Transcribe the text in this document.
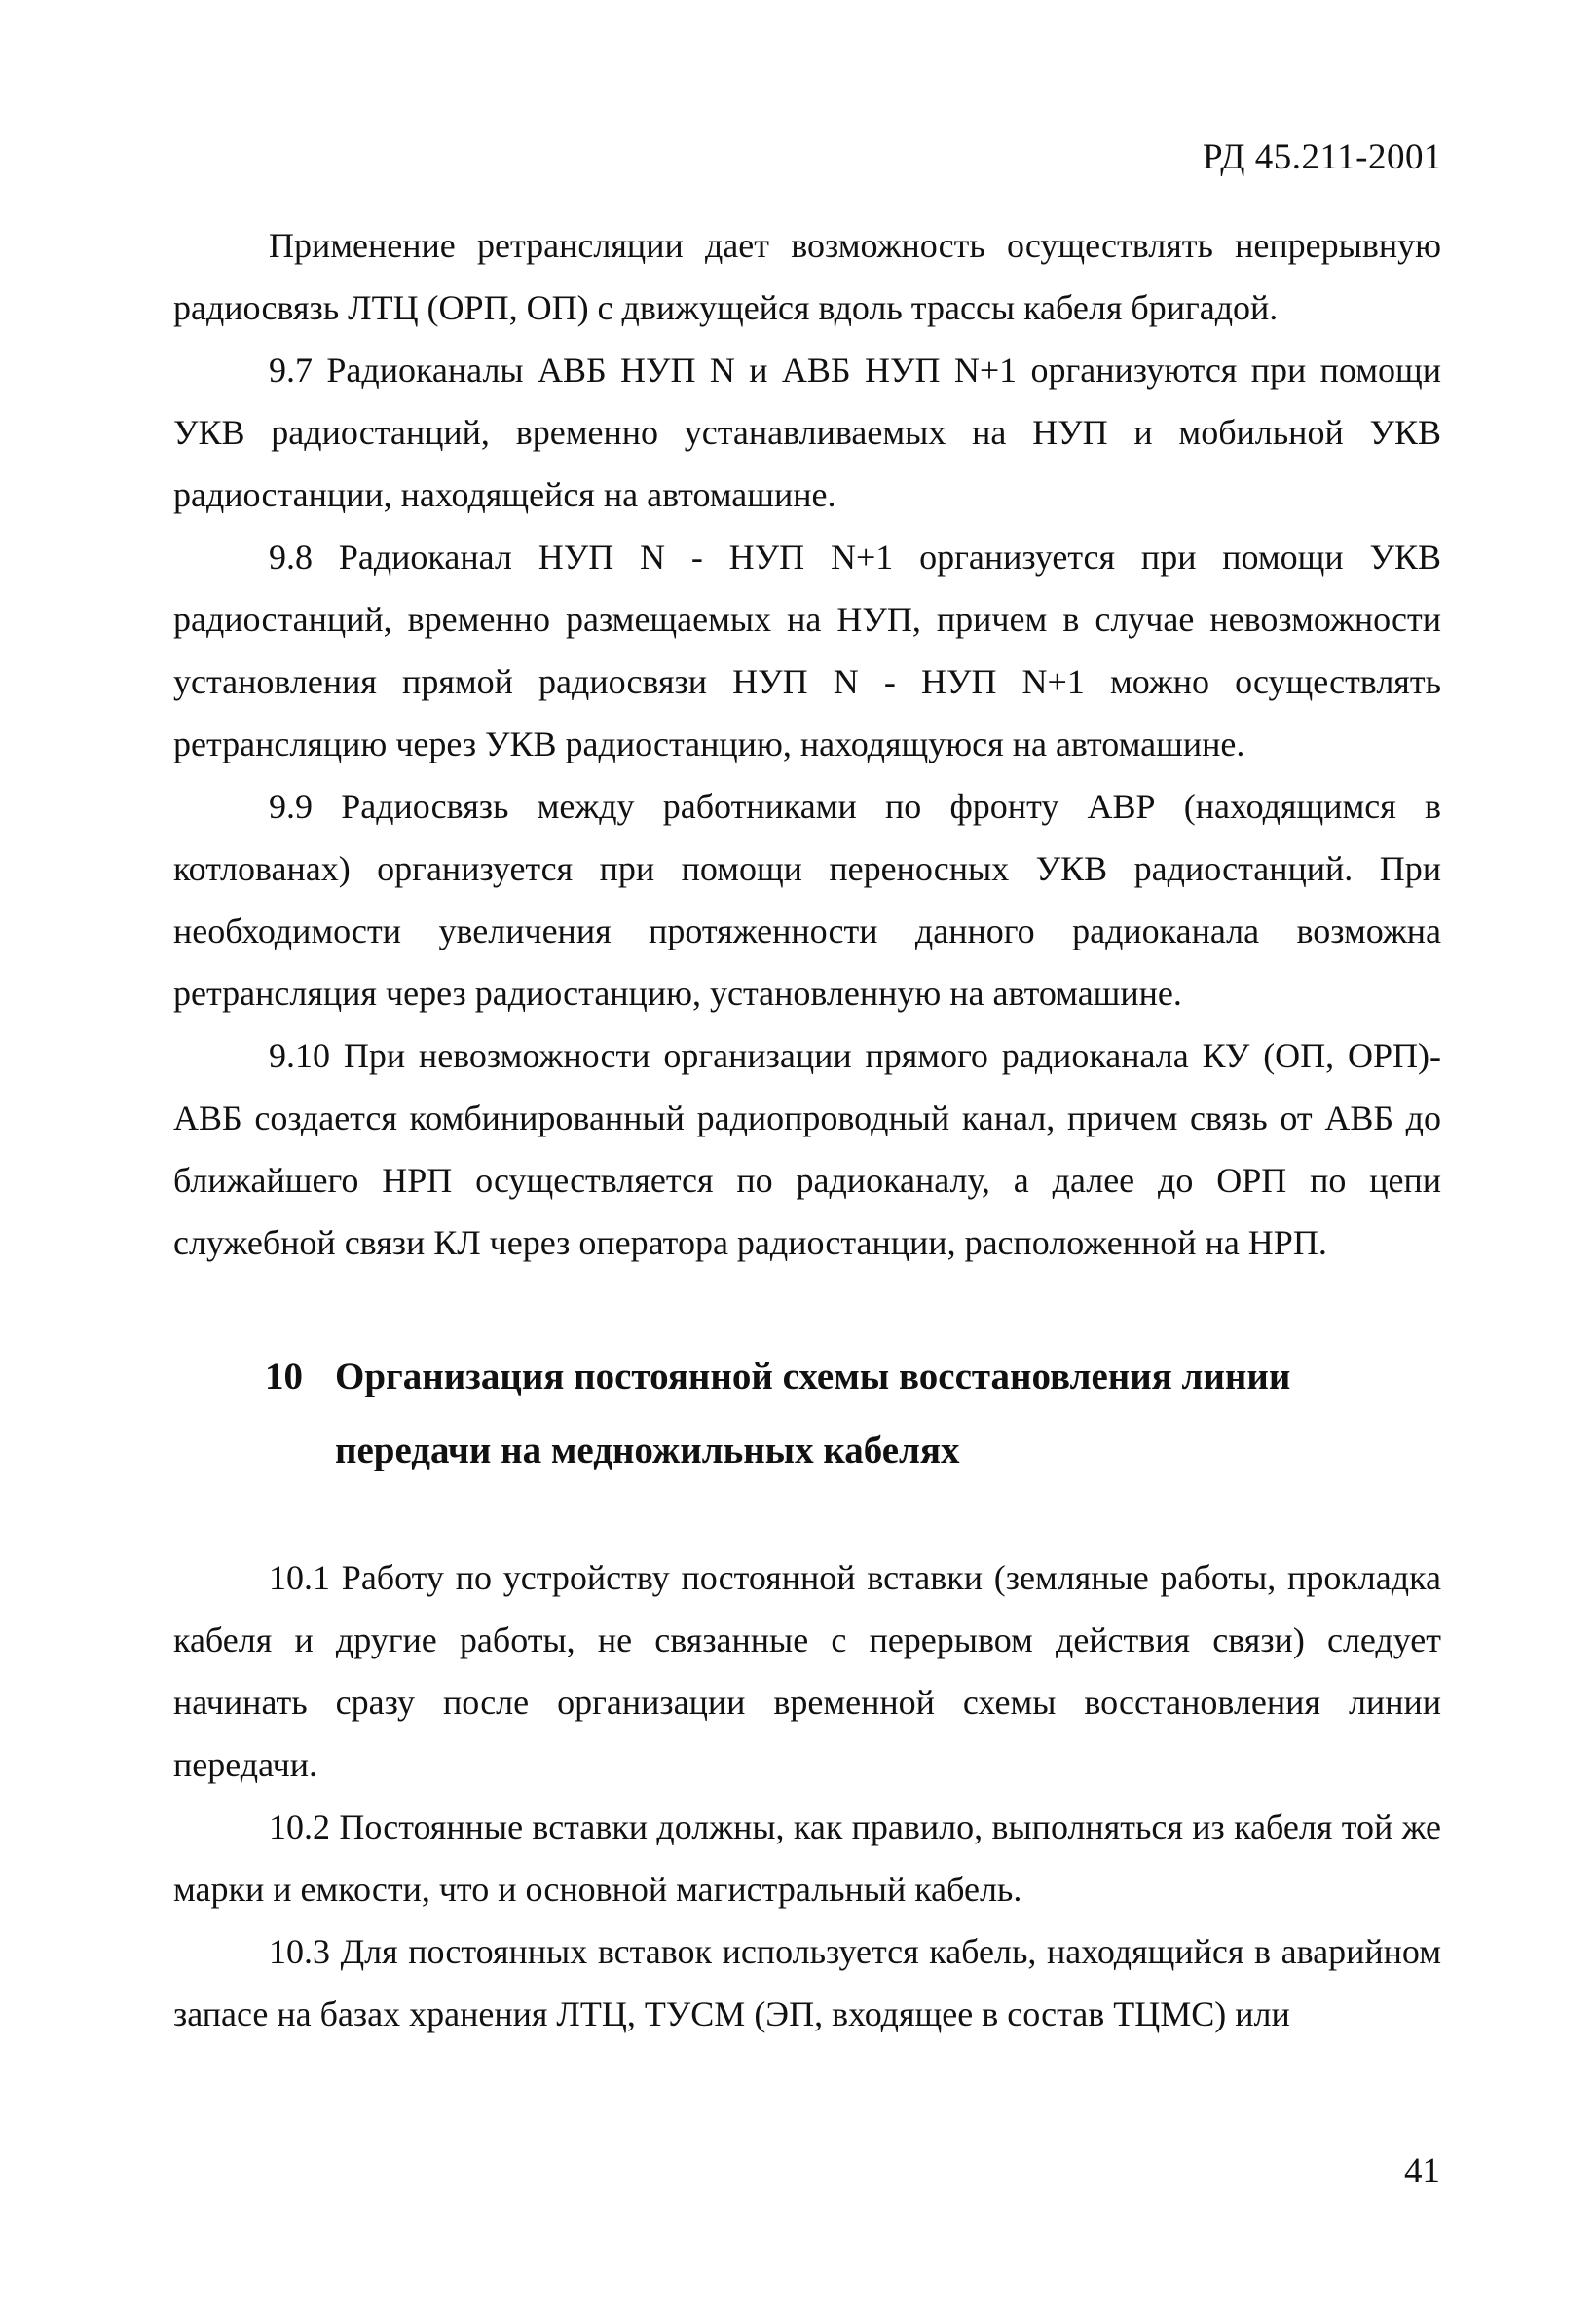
РД 45.211-2001

Применение ретрансляции дает возможность осуществлять непрерывную радиосвязь ЛТЦ (ОРП, ОП) с движущейся вдоль трассы кабеля бригадой.

9.7 Радиоканалы АВБ НУП N и АВБ НУП N+1 организуются при помощи УКВ радиостанций, временно устанавливаемых на НУП и мобильной УКВ радиостанции, находящейся на автомашине.

9.8 Радиоканал НУП N - НУП N+1 организуется при помощи УКВ радиостанций, временно размещаемых на НУП, причем в случае невозможности установления прямой радиосвязи НУП N - НУП N+1 можно осуществлять ретрансляцию через УКВ радиостанцию, находящуюся на автомашине.

9.9 Радиосвязь между работниками по фронту АВР (находящимся в котлованах) организуется при помощи переносных УКВ радиостанций. При необходимости увеличения протяженности данного радиоканала возможна ретрансляция через радиостанцию, установленную на автомашине.

9.10 При невозможности организации прямого радиоканала КУ (ОП, ОРП)-АВБ создается комбинированный радиопроводный канал, причем связь от АВБ до ближайшего НРП осуществляется по радиоканалу, а далее до ОРП по цепи служебной связи КЛ через оператора радиостанции, расположенной на НРП.

10 Организация постоянной схемы восстановления линии
передачи на медножильных кабелях

10.1 Работу по устройству постоянной вставки (земляные работы, прокладка кабеля и другие работы, не связанные с перерывом действия связи) следует начинать сразу после организации временной схемы восстановления линии передачи.

10.2 Постоянные вставки должны, как правило, выполняться из кабеля той же марки и емкости, что и основной магистральный кабель.

10.3 Для постоянных вставок используется кабель, находящийся в аварийном запасе на базах хранения ЛТЦ, ТУСМ (ЭП, входящее в состав ТЦМС) или

41
